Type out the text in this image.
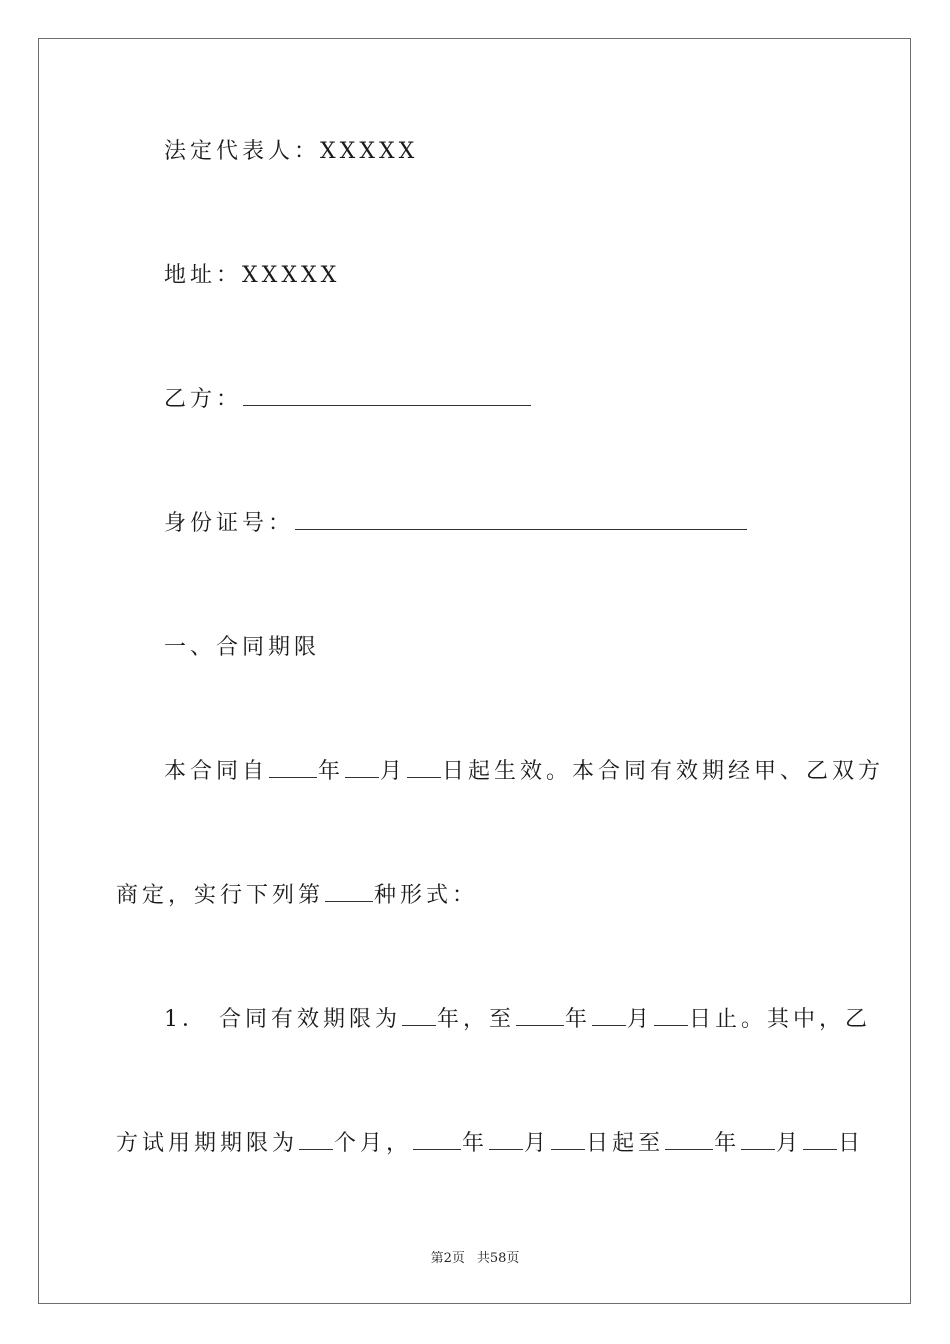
法定代表人：XXXXX
地址：XXXXX
乙方：
身份证号：
一、合同期限
本合同自 年 月 日起生效。本合同有效期经甲、乙双方
商定，实行下列第 种形式：
1． 合同有效期限为 年，至 年 月 日止。其中，乙
方试用期期限为 个月， 年 月 日起至 年 月 日
第2页 共58页
